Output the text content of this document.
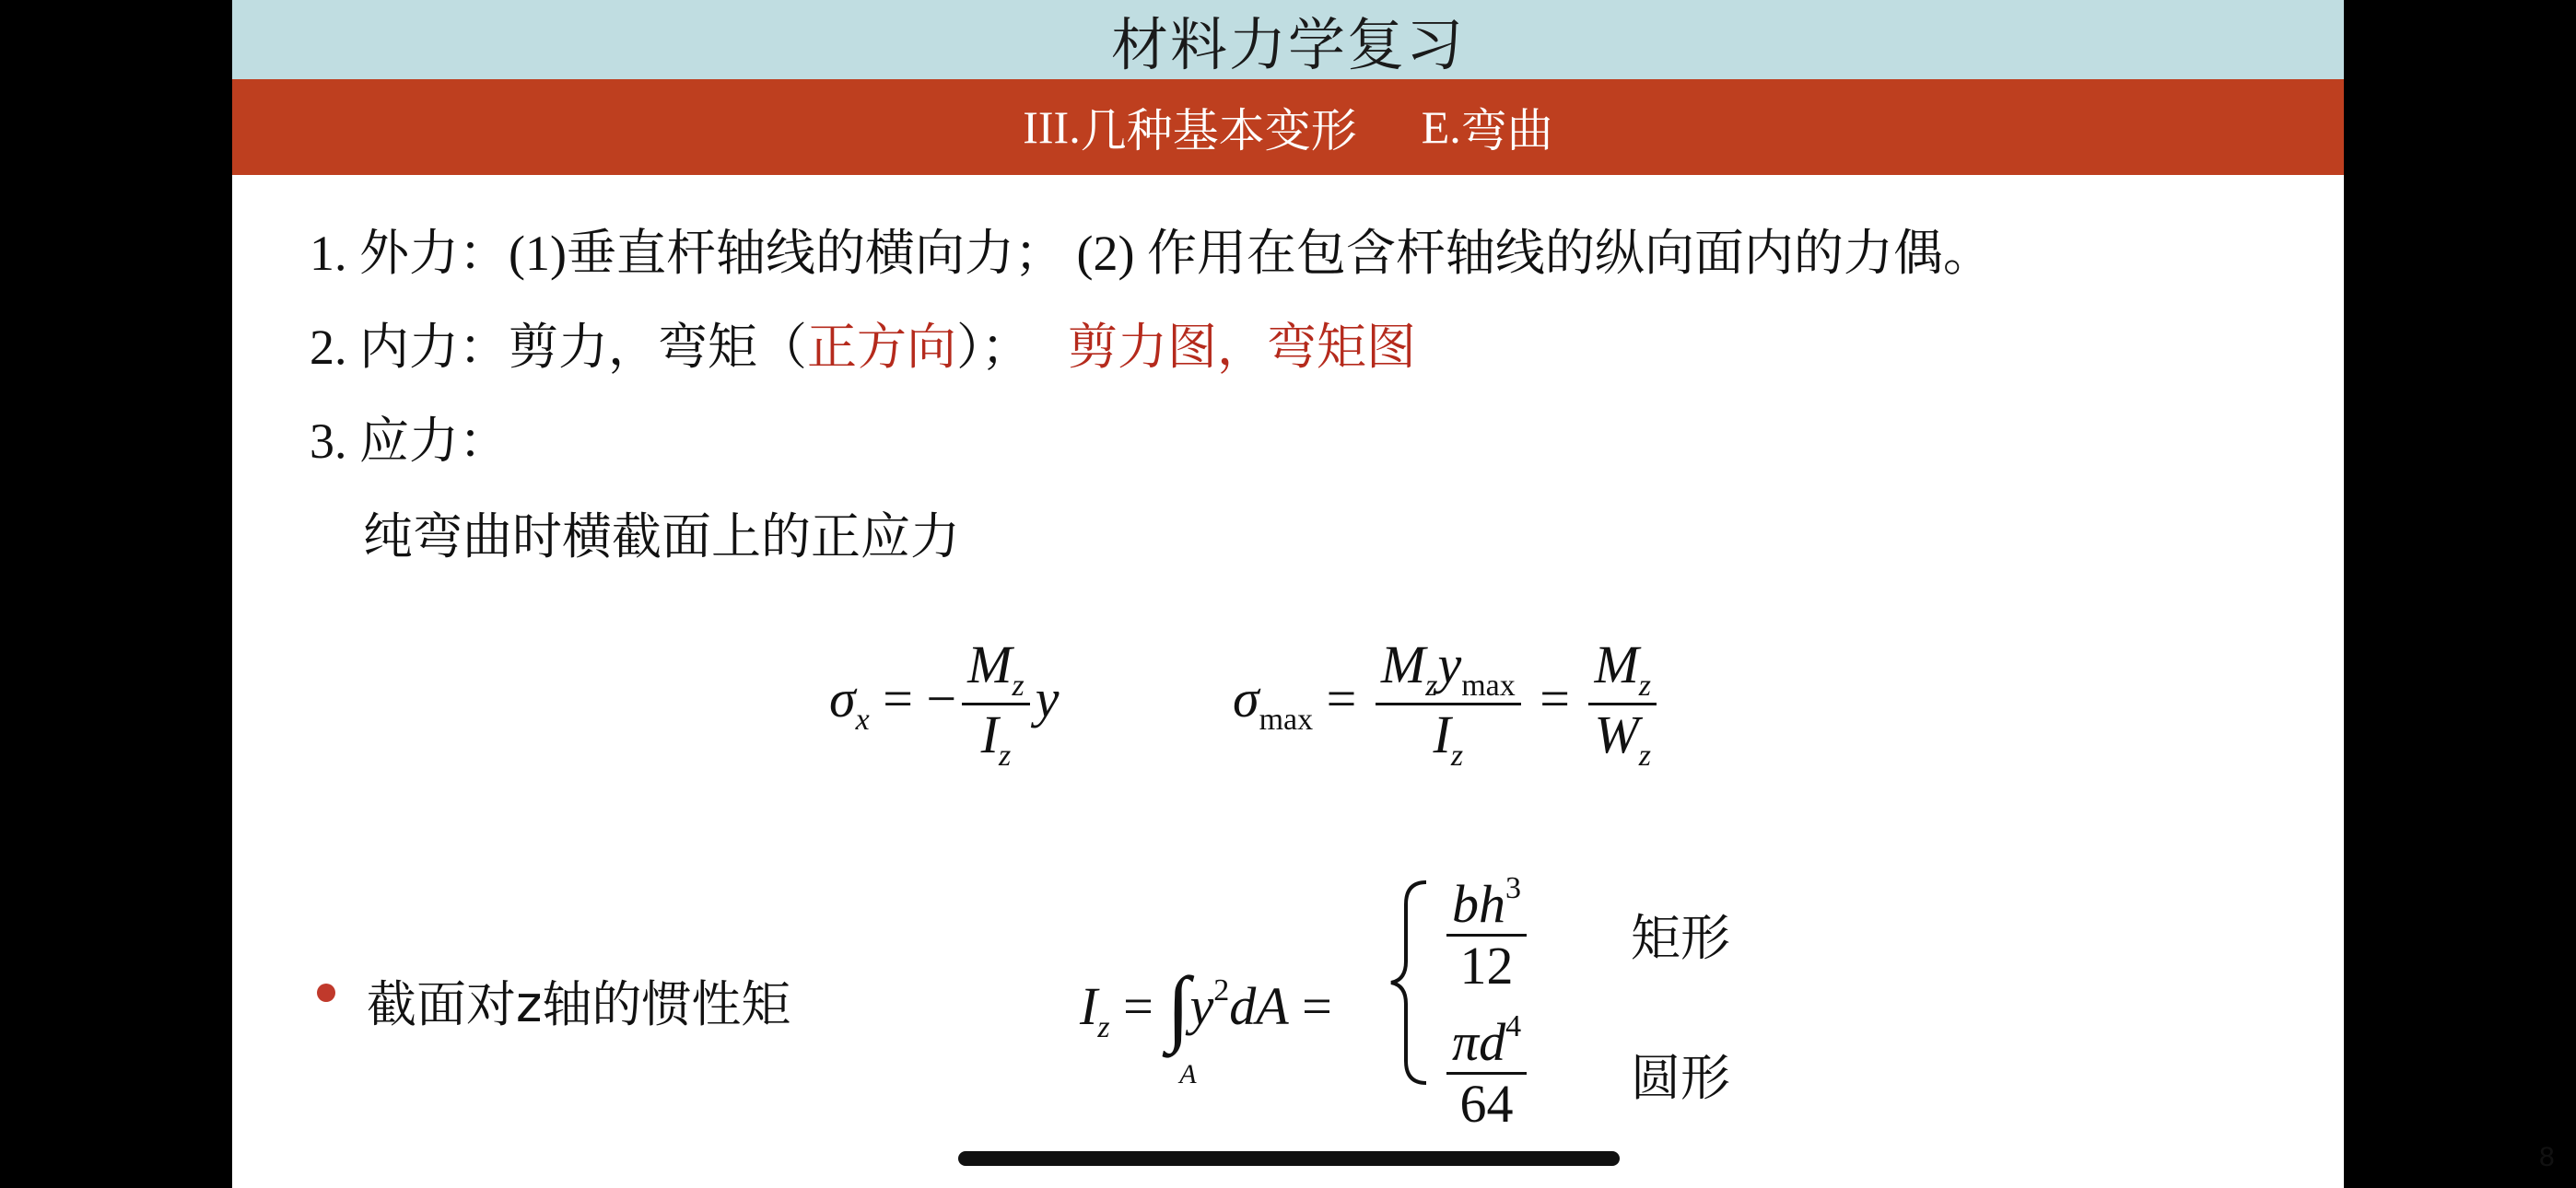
材料力学复习
III. 几种基本变形 E. 弯曲
1. 外力：(1)垂直杆轴线的横向力； (2) 作用在包含杆轴线的纵向面内的力偶。
2. 内力：剪力，弯矩（正方向）； 剪力图，弯矩图
3. 应力：
纯弯曲时横截面上的正应力
$\sigma_x$ = − $\frac{M_z}{I_z}$ y	$\sigma_{max} = \frac{M_zy_{max}}{I_z} = \frac{M_z}{W_z}$
截面对z轴的惯性矩	$I_z$ = ∫
A
$y^2dA$ =
$\frac{bh^3}{12}$ 矩形
$\frac{\pi d^4}{64}$ 圆形
8
